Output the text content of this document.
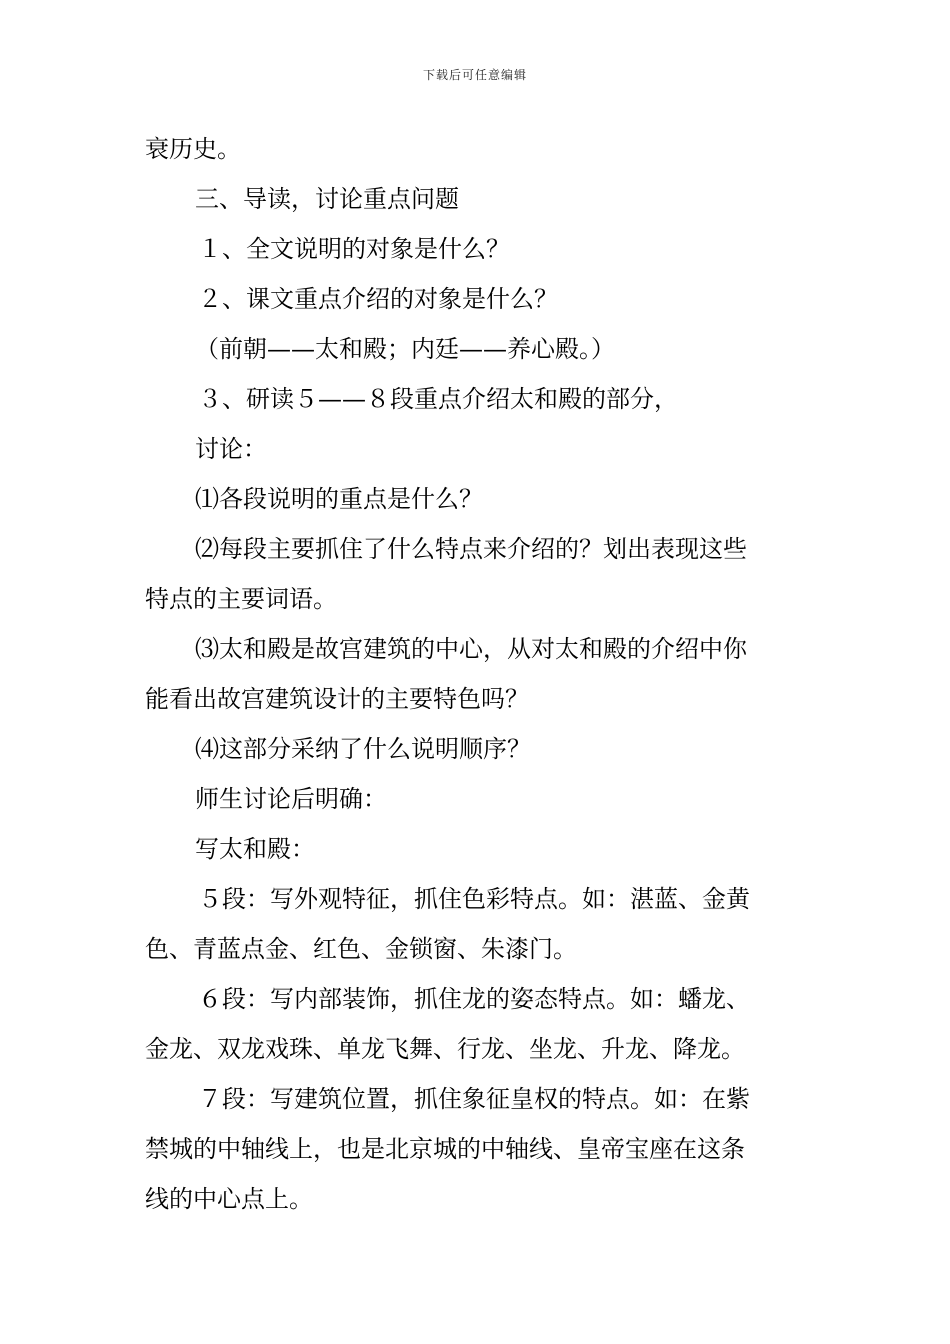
下载后可任意编辑
衰历史。
三、导读，讨论重点问题
１、全文说明的对象是什么？
２、课文重点介绍的对象是什么？
（前朝——太和殿；内廷——养心殿。）
３、研读５——８段重点介绍太和殿的部分，
讨论：
⑴各段说明的重点是什么？
⑵每段主要抓住了什么特点来介绍的？划出表现这些
特点的主要词语。
⑶太和殿是故宫建筑的中心，从对太和殿的介绍中你
能看出故宫建筑设计的主要特色吗？
⑷这部分采纳了什么说明顺序？
师生讨论后明确：
写太和殿：
５段：写外观特征，抓住色彩特点。如：湛蓝、金黄
色、青蓝点金、红色、金锁窗、朱漆门。
６段：写内部装饰，抓住龙的姿态特点。如：蟠龙、
金龙、双龙戏珠、单龙飞舞、行龙、坐龙、升龙、降龙。
７段：写建筑位置，抓住象征皇权的特点。如：在紫
禁城的中轴线上，也是北京城的中轴线、皇帝宝座在这条
线的中心点上。
